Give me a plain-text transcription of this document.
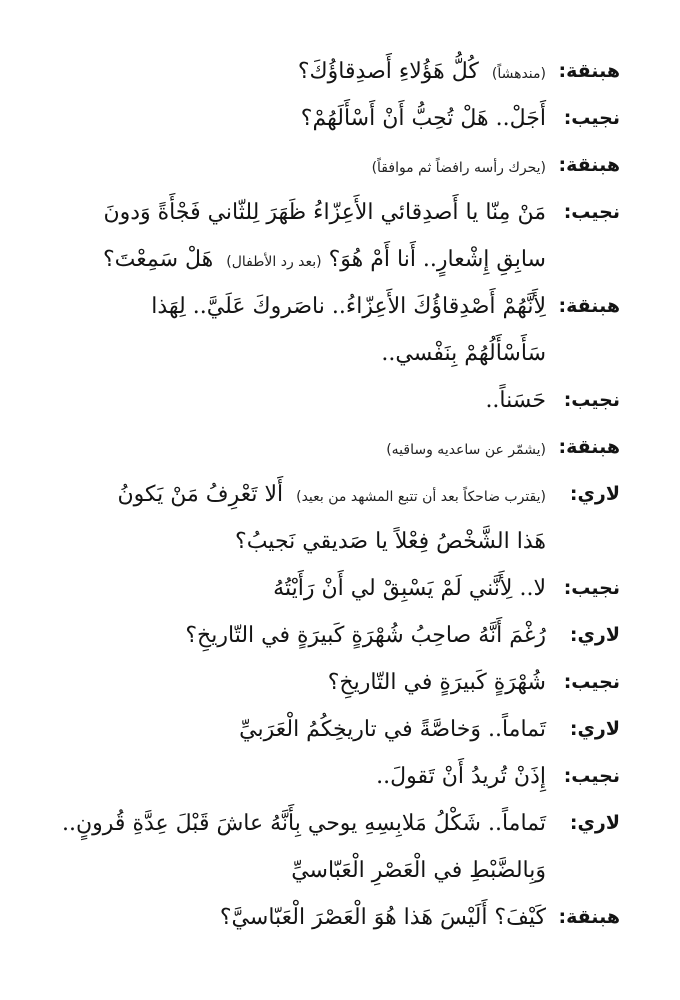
هبنقة:
(مندهشاً) كُلُّ هَؤُلاءِ أَصدِقاؤُكَ؟
نجيب:
أَجَلْ.. هَلْ تُحِبُّ أَنْ أَسْأَلَهُمْ؟
هبنقة:
(يحرك رأسه رافضاً ثم موافقاً)
نجيب:
مَنْ مِنّا يا أَصدِقائي الأَعِزّاءُ ظَهَرَ لِلثّاني فَجْأَةً وَدونَ
سابِقِ إِشْعارٍ.. أَنا أَمْ هُوَ؟ (بعد رد الأطفال) هَلْ سَمِعْتَ؟
هبنقة:
لِأَنَّهُمْ أَصْدِقاؤُكَ الأَعِزّاءُ.. ناصَروكَ عَلَيَّ.. لِهَذا
سَأَسْأَلُهُمْ بِنَفْسي..
نجيب:
حَسَناً..
هبنقة:
(يشمّر عن ساعديه وساقيه)
لاري:
(يقترب ضاحكاً بعد أن تتبع المشهد من بعيد) أَلا تَعْرِفُ مَنْ يَكونُ
هَذا الشَّخْصُ فِعْلاً يا صَديقي نَجيبُ؟
نجيب:
لا.. لِأَنَّني لَمْ يَسْبِقْ لي أَنْ رَأَيْتُهُ
لاري:
رُغْمَ أَنَّهُ صاحِبُ شُهْرَةٍ كَبيرَةٍ في التّاريخِ؟
نجيب:
شُهْرَةٍ كَبيرَةٍ في التّاريخِ؟
لاري:
تَماماً.. وَخاصَّةً في تاريخِكُمُ الْعَرَبيِّ
نجيب:
إِذَنْ تُريدُ أَنْ تَقولَ..
لاري:
تَماماً.. شَكْلُ مَلابِسِهِ يوحي بِأَنَّهُ عاشَ قَبْلَ عِدَّةِ قُرونٍ..
وَبِالضَّبْطِ في الْعَصْرِ الْعَبّاسيِّ
هبنقة:
كَيْفَ؟ أَلَيْسَ هَذا هُوَ الْعَصْرَ الْعَبّاسيَّ؟
